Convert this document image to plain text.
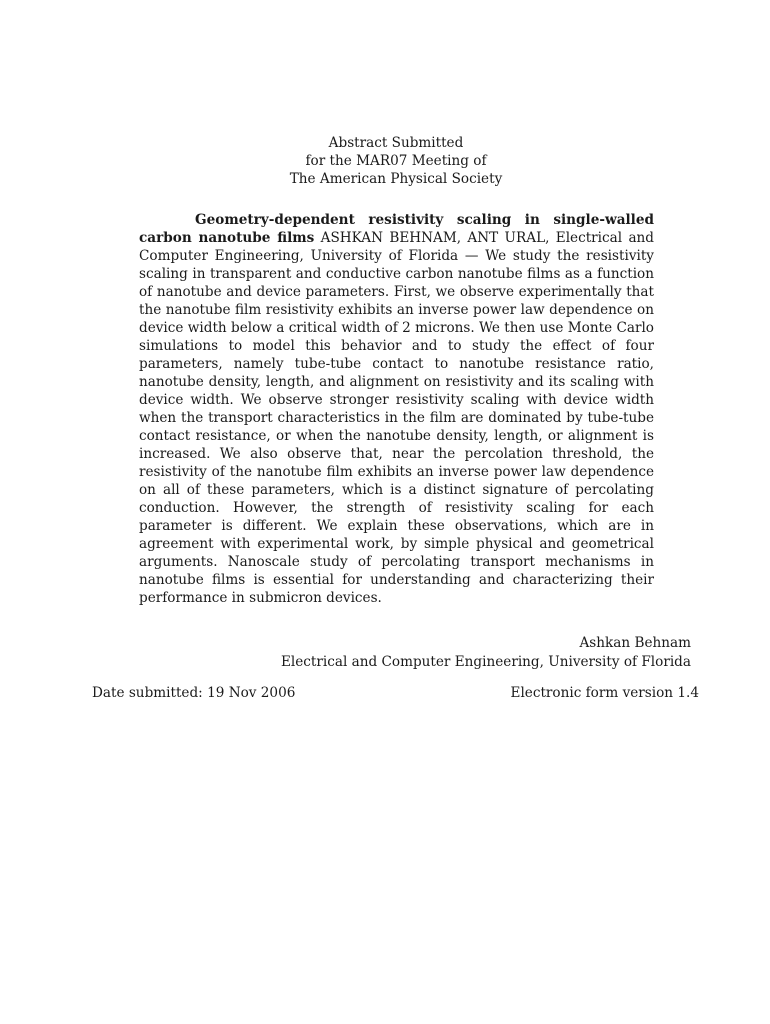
Abstract Submitted
for the MAR07 Meeting of
The American Physical Society
Geometry-dependent resistivity scaling in single-walled carbon nanotube films ASHKAN BEHNAM, ANT URAL, Electrical and Computer Engineering, University of Florida — We study the resistivity scaling in transparent and conductive carbon nanotube films as a function of nanotube and device parameters. First, we observe experimentally that the nanotube film resistivity exhibits an inverse power law dependence on device width below a critical width of 2 microns. We then use Monte Carlo simulations to model this behavior and to study the effect of four parameters, namely tube-tube contact to nanotube resistance ratio, nanotube density, length, and alignment on resistivity and its scaling with device width. We observe stronger resistivity scaling with device width when the transport characteristics in the film are dominated by tube-tube contact resistance, or when the nanotube density, length, or alignment is increased. We also observe that, near the percolation threshold, the resistivity of the nanotube film exhibits an inverse power law dependence on all of these parameters, which is a distinct signature of percolating conduction. However, the strength of resistivity scaling for each parameter is different. We explain these observations, which are in agreement with experimental work, by simple physical and geometrical arguments. Nanoscale study of percolating transport mechanisms in nanotube films is essential for understanding and characterizing their performance in submicron devices.
Ashkan Behnam
Electrical and Computer Engineering, University of Florida
Date submitted: 19 Nov 2006	Electronic form version 1.4
